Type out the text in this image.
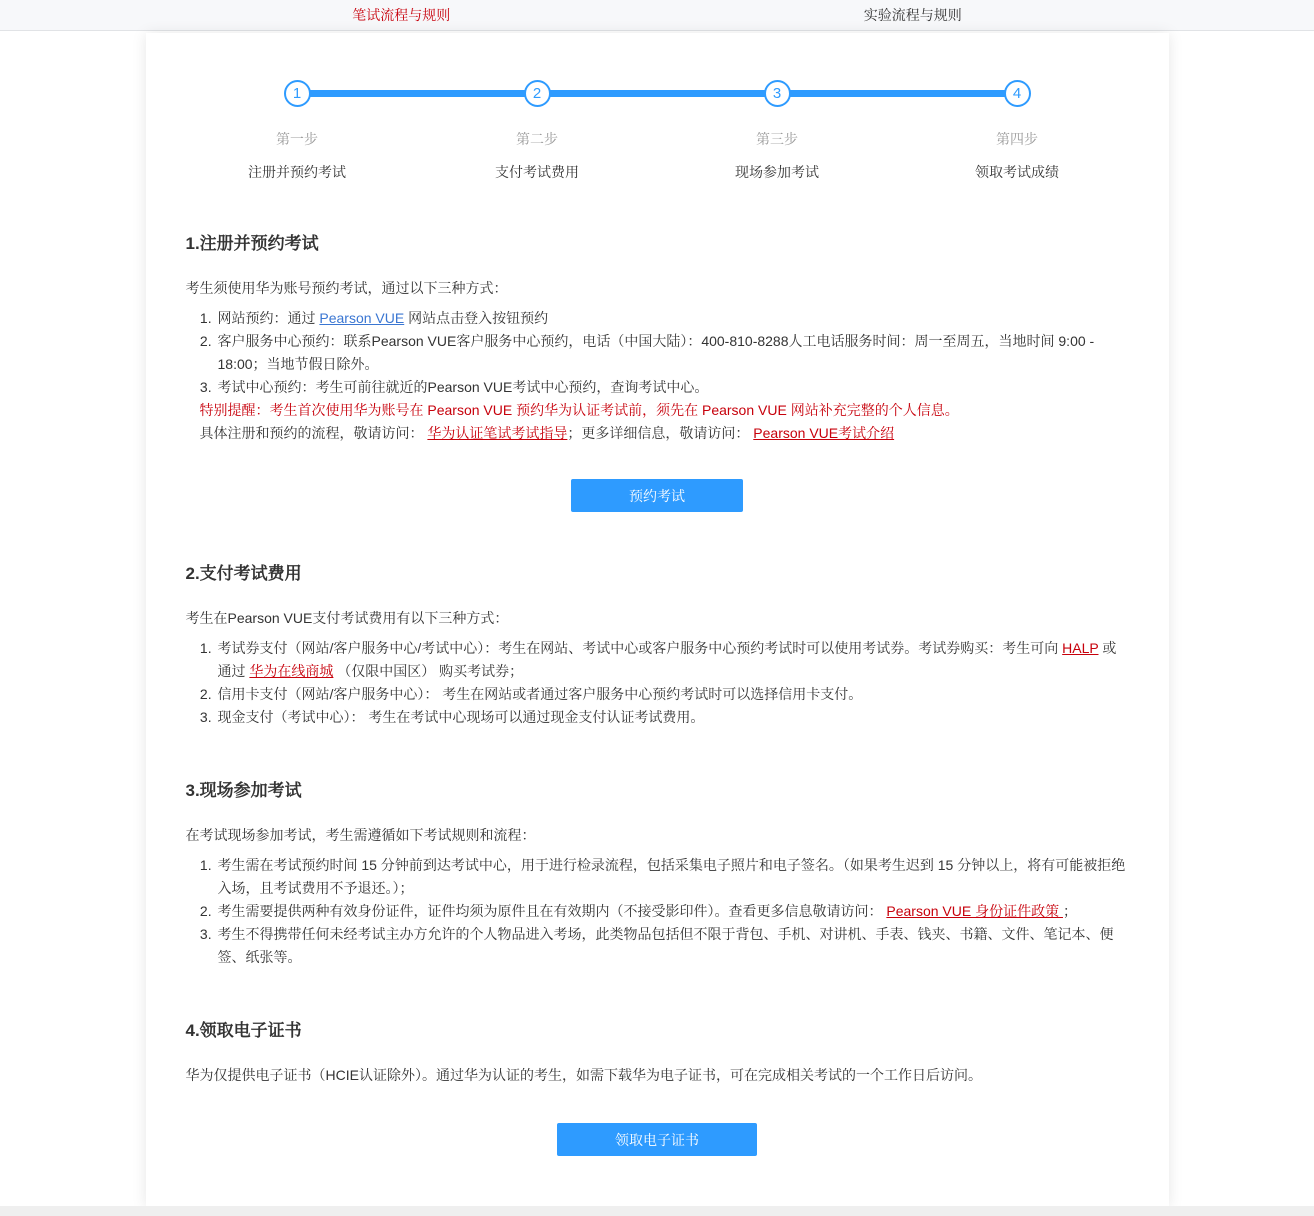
笔试流程与规则	实验流程与规则
1
第一步
注册并预约考试
2
第二步
支付考试费用
3
第三步
现场参加考试
4
第四步
领取考试成绩
1.注册并预约考试

考生须使用华为账号预约考试，通过以下三种方式：

1. 网站预约：通过 Pearson VUE 网站点击登入按钮预约
2. 客户服务中心预约：联系Pearson VUE客户服务中心预约，电话（中国大陆）：400-810-8288人工电话服务时间：周一至周五，当地时间 9:00 - 18:00；当地节假日除外。
3. 考试中心预约：考生可前往就近的Pearson VUE考试中心预约，查询考试中心。
特别提醒：考生首次使用华为账号在 Pearson VUE 预约华为认证考试前，须先在 Pearson VUE 网站补充完整的个人信息。
具体注册和预约的流程，敬请访问： 华为认证笔试考试指导；更多详细信息，敬请访问： Pearson VUE考试介绍
预约考试
2.支付考试费用

考生在Pearson VUE支付考试费用有以下三种方式：

1. 考试券支付（网站/客户服务中心/考试中心）：考生在网站、考试中心或客户服务中心预约考试时可以使用考试券。考试券购买：考生可向 HALP 或通过 华为在线商城 （仅限中国区） 购买考试券；
2. 信用卡支付（网站/客户服务中心）： 考生在网站或者通过客户服务中心预约考试时可以选择信用卡支付。
3. 现金支付（考试中心）： 考生在考试中心现场可以通过现金支付认证考试费用。
3.现场参加考试

在考试现场参加考试，考生需遵循如下考试规则和流程：

1. 考生需在考试预约时间 15 分钟前到达考试中心，用于进行检录流程，包括采集电子照片和电子签名。（如果考生迟到 15 分钟以上，将有可能被拒绝入场，且考试费用不予退还。）；
2. 考生需要提供两种有效身份证件，证件均须为原件且在有效期内（不接受影印件）。查看更多信息敬请访问： Pearson VUE 身份证件政策 ；
3. 考生不得携带任何未经考试主办方允许的个人物品进入考场，此类物品包括但不限于背包、手机、对讲机、手表、钱夹、书籍、文件、笔记本、便签、纸张等。
4.领取电子证书

华为仅提供电子证书（HCIE认证除外）。通过华为认证的考生，如需下载华为电子证书，可在完成相关考试的一个工作日后访问。

领取电子证书
